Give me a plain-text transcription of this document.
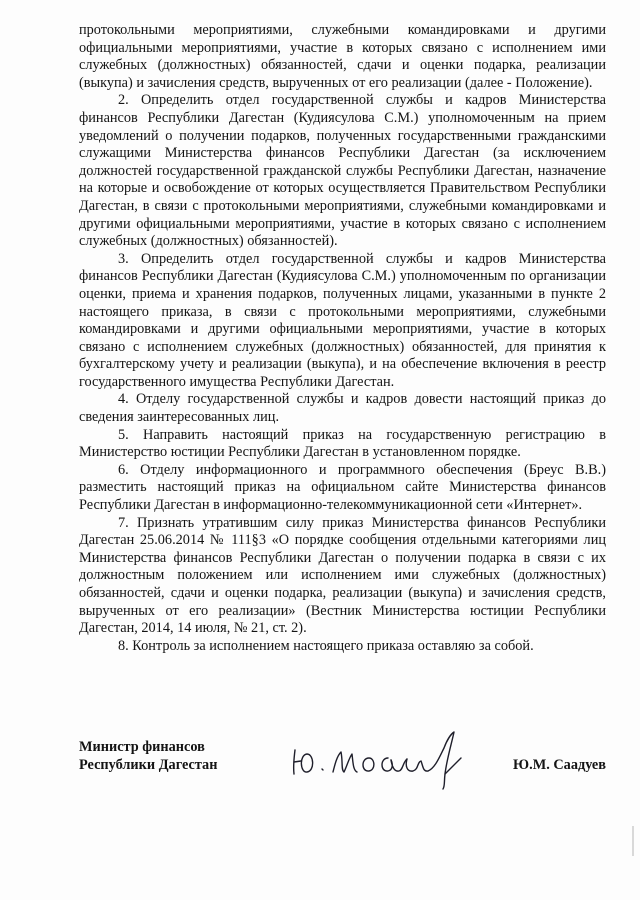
протокольными мероприятиями, служебными командировками и другими официальными мероприятиями, участие в которых связано с исполнением ими служебных (должностных) обязанностей, сдачи и оценки подарка, реализации (выкупа) и зачисления средств, вырученных от его реализации (далее - Положение).

2. Определить отдел государственной службы и кадров Министерства финансов Республики Дагестан (Кудиясулова С.М.) уполномоченным на прием уведомлений о получении подарков, полученных государственными гражданскими служащими Министерства финансов Республики Дагестан (за исключением должностей государственной гражданской службы Республики Дагестан, назначение на которые и освобождение от которых осуществляется Правительством Республики Дагестан, в связи с протокольными мероприятиями, служебными командировками и другими официальными мероприятиями, участие в которых связано с исполнением служебных (должностных) обязанностей).

3. Определить отдел государственной службы и кадров Министерства финансов Республики Дагестан (Кудиясулова С.М.) уполномоченным по организации оценки, приема и хранения подарков, полученных лицами, указанными в пункте 2 настоящего приказа, в связи с протокольными мероприятиями, служебными командировками и другими официальными мероприятиями, участие в которых связано с исполнением служебных (должностных) обязанностей, для принятия к бухгалтерскому учету и реализации (выкупа), и на обеспечение включения в реестр государственного имущества Республики Дагестан.

4. Отделу государственной службы и кадров довести настоящий приказ до сведения заинтересованных лиц.

5. Направить настоящий приказ на государственную регистрацию в Министерство юстиции Республики Дагестан в установленном порядке.

6. Отделу информационного и программного обеспечения (Бреус В.В.) разместить настоящий приказ на официальном сайте Министерства финансов Республики Дагестан в информационно-телекоммуникационной сети «Интернет».

7. Признать утратившим силу приказ Министерства финансов Республики Дагестан 25.06.2014 № 111§3 «О порядке сообщения отдельными категориями лиц Министерства финансов Республики Дагестан о получении подарка в связи с их должностным положением или исполнением ими служебных (должностных) обязанностей, сдачи и оценки подарка, реализации (выкупа) и зачисления средств, вырученных от его реализации» (Вестник Министерства юстиции Республики Дагестан, 2014, 14 июля, № 21, ст. 2).

8. Контроль за исполнением настоящего приказа оставляю за собой.

Министр финансов
Республики Дагестан
Ю. Ибоаль
Ю.М. Саадуев
